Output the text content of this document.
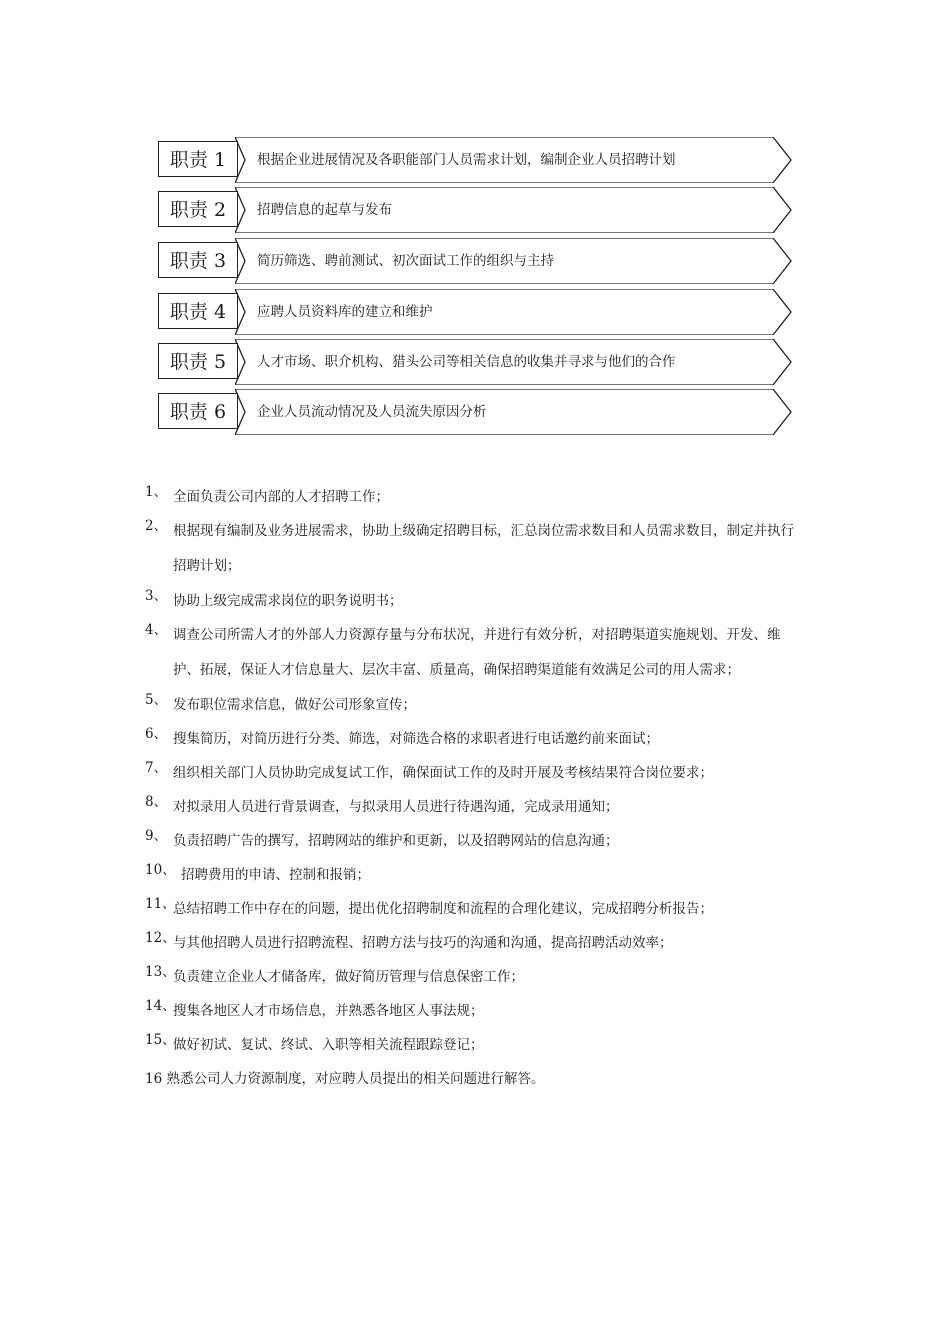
职责 1	根据企业进展情况及各职能部门人员需求计划，编制企业人员招聘计划
职责 2	招聘信息的起草与发布
职责 3	简历筛选、聘前测试、初次面试工作的组织与主持
职责 4	应聘人员资料库的建立和维护
职责 5	人才市场、职介机构、猎头公司等相关信息的收集并寻求与他们的合作
职责 6	企业人员流动情况及人员流失原因分析
1、 全面负责公司内部的人才招聘工作；
2、 根据现有编制及业务进展需求，协助上级确定招聘目标，汇总岗位需求数目和人员需求数目，制定并执行招聘计划；
3、 协助上级完成需求岗位的职务说明书；
4、 调查公司所需人才的外部人力资源存量与分布状况，并进行有效分析，对招聘渠道实施规划、开发、维护、拓展，保证人才信息量大、层次丰富、质量高，确保招聘渠道能有效满足公司的用人需求；
5、 发布职位需求信息，做好公司形象宣传；
6、 搜集简历，对简历进行分类、筛选，对筛选合格的求职者进行电话邀约前来面试；
7、 组织相关部门人员协助完成复试工作，确保面试工作的及时开展及考核结果符合岗位要求；
8、 对拟录用人员进行背景调查，与拟录用人员进行待遇沟通，完成录用通知；
9、 负责招聘广告的撰写，招聘网站的维护和更新，以及招聘网站的信息沟通；
10、 招聘费用的申请、控制和报销；
11、
总结招聘工作中存在的问题，提出优化招聘制度和流程的合理化建议，完成招聘分析报告；
12、
与其他招聘人员进行招聘流程、招聘方法与技巧的沟通和沟通，提高招聘活动效率；
13、
负责建立企业人才储备库，做好简历管理与信息保密工作；
14、
搜集各地区人才市场信息，并熟悉各地区人事法规；
15、
做好初试、复试、终试、入职等相关流程跟踪登记；
16 熟悉公司人力资源制度，对应聘人员提出的相关问题进行解答。
